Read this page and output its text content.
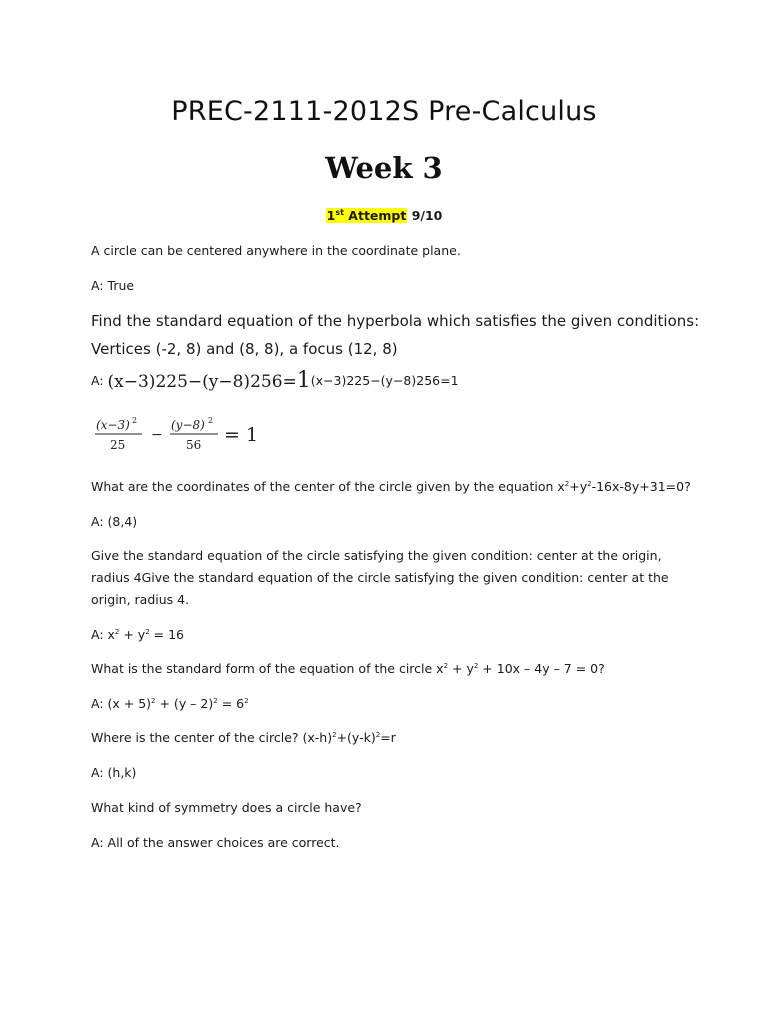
PREC-2111-2012S Pre-Calculus
Week 3
1st Attempt 9/10
A circle can be centered anywhere in the coordinate plane.
A: True
Find the standard equation of the hyperbola which satisfies the given conditions:
Vertices (-2, 8) and (8, 8), a focus (12, 8)
A: (x−3)225−(y−8)256=1(x−3)225−(y−8)256=1
(x−3) 2
25
−
(y−8) 2
56 = 1
What are the coordinates of the center of the circle given by the equation $x^2+y^2-16x-8y+31=0$?
A: (8,4)
Give the standard equation of the circle satisfying the given condition: center at the origin,
radius 4Give the standard equation of the circle satisfying the given condition: center at the
origin, radius 4.
A: $x^2 + y^2 = 16$
What is the standard form of the equation of the circle $x^2 + y^2 + 10x - 4y - 7 = 0$?
A: $(x + 5)^2 + (y - 2)^2 = 6^2$
Where is the center of the circle? $(x-h)^2+(y-k)^2=r$
A: (h,k)
What kind of symmetry does a circle have?
A: All of the answer choices are correct.
